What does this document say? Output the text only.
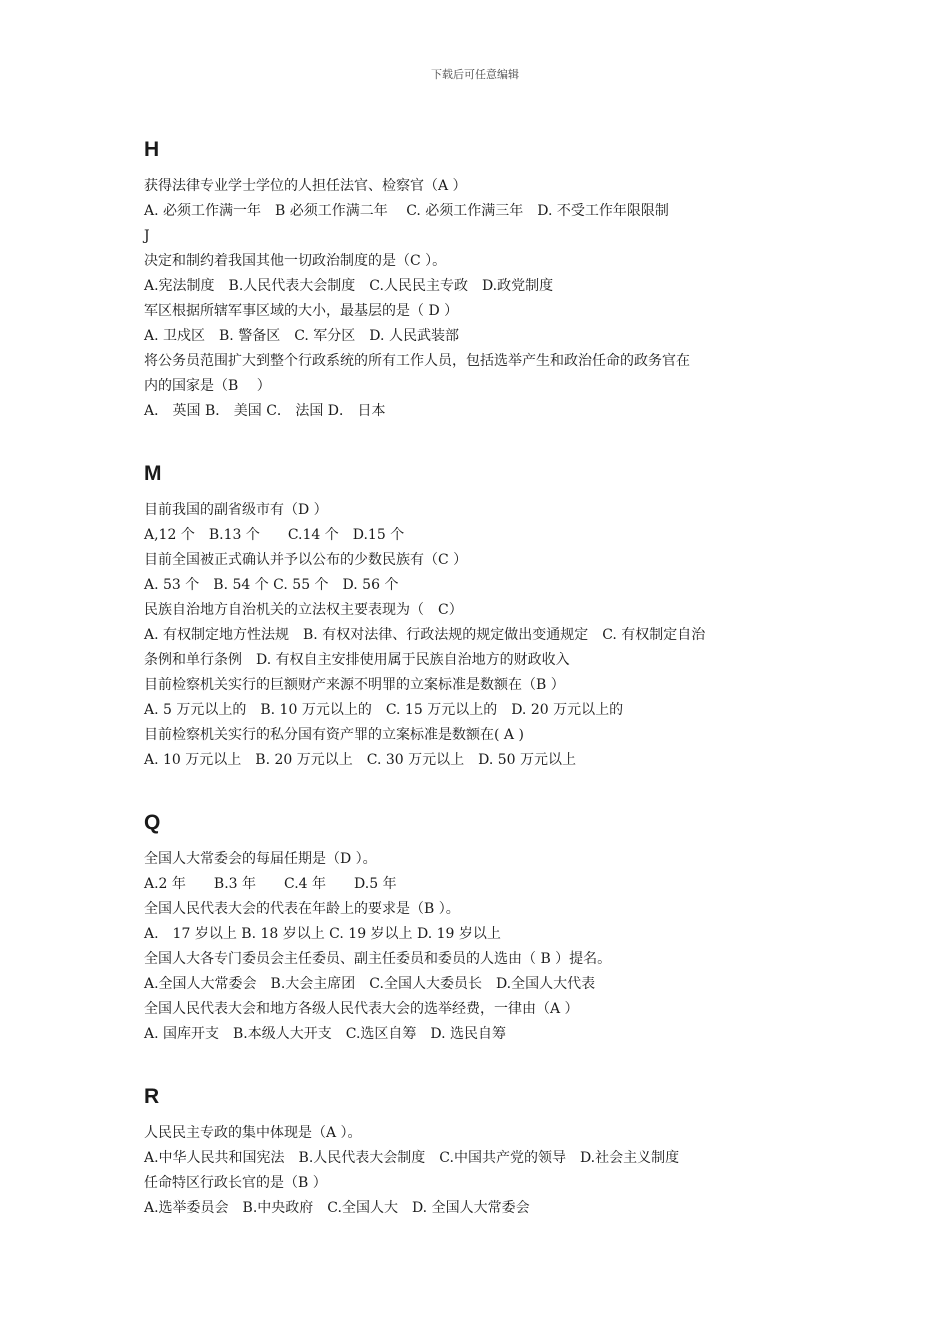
下载后可任意编辑
H
获得法律专业学士学位的人担任法官、检察官（A ）
A. 必须工作满一年　B 必须工作满二年　 C. 必须工作满三年　D. 不受工作年限限制
J
决定和制约着我国其他一切政治制度的是（C ）。
A.宪法制度　B.人民代表大会制度　C.人民民主专政　D.政党制度
军区根据所辖军事区域的大小，最基层的是（ D ）
A. 卫戍区　B. 警备区　C. 军分区　D. 人民武装部
将公务员范围扩大到整个行政系统的所有工作人员，包括选举产生和政治任命的政务官在
内的国家是（B　 ）
A． 英国 B． 美国 C． 法国 D． 日本
M
目前我国的副省级市有（D ）
A,12 个　B.13 个　　C.14 个　D.15 个
目前全国被正式确认并予以公布的少数民族有（C ）
A. 53 个　B. 54 个 C. 55 个　D. 56 个
民族自治地方自治机关的立法权主要表现为（　C）
A. 有权制定地方性法规　B. 有权对法律、行政法规的规定做出变通规定　C. 有权制定自治
条例和单行条例　D. 有权自主安排使用属于民族自治地方的财政收入
目前检察机关实行的巨额财产来源不明罪的立案标准是数额在（B ）
A. 5 万元以上的　B. 10 万元以上的　C. 15 万元以上的　D. 20 万元以上的
目前检察机关实行的私分国有资产罪的立案标准是数额在( A )
A. 10 万元以上　B. 20 万元以上　C. 30 万元以上　D. 50 万元以上
Q
全国人大常委会的每届任期是（D ）。
A.2 年　　B.3 年　　C.4 年　　D.5 年
全国人民代表大会的代表在年龄上的要求是（B ）。
A.　17 岁以上 B. 18 岁以上 C. 19 岁以上 D. 19 岁以上
全国人大各专门委员会主任委员、副主任委员和委员的人选由（ B ）提名。
A.全国人大常委会　B.大会主席团　C.全国人大委员长　D.全国人大代表
全国人民代表大会和地方各级人民代表大会的选举经费，一律由（A ）
A. 国库开支　B.本级人大开支　C.选区自筹　D. 选民自筹
R
人民民主专政的集中体现是（A ）。
A.中华人民共和国宪法　B.人民代表大会制度　C.中国共产党的领导　D.社会主义制度
任命特区行政长官的是（B ）
A.选举委员会　B.中央政府　C.全国人大　D. 全国人大常委会
